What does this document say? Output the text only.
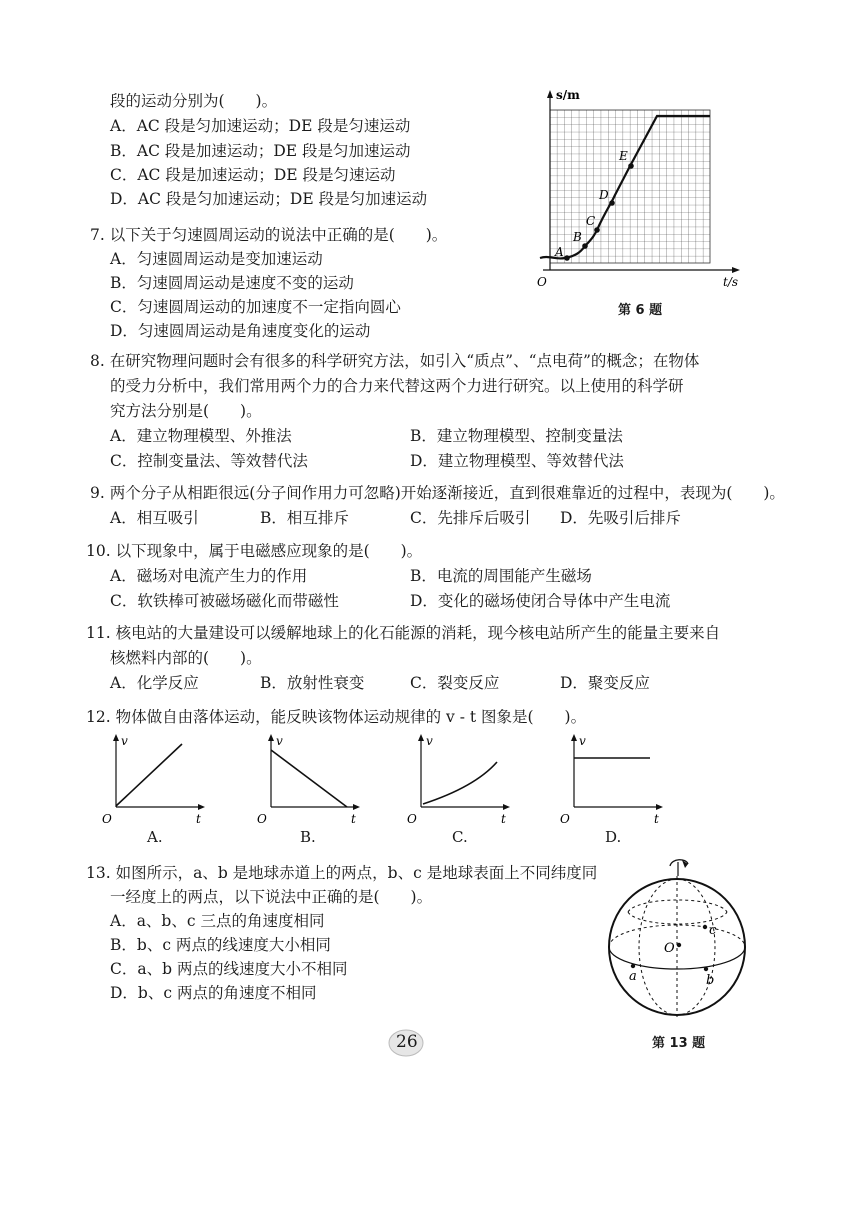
段的运动分别为(　　)。
A．AC 段是匀加速运动；DE 段是匀速运动
B．AC 段是加速运动；DE 段是匀加速运动
C．AC 段是加速运动；DE 段是匀速运动
D．AC 段是匀加速运动；DE 段是匀加速运动
s/m
t/s
O
A
B
C
D
E
第 6 题
7. 以下关于匀速圆周运动的说法中正确的是(　　)。
A．匀速圆周运动是变加速运动
B．匀速圆周运动是速度不变的运动
C．匀速圆周运动的加速度不一定指向圆心
D．匀速圆周运动是角速度变化的运动
8. 在研究物理问题时会有很多的科学研究方法，如引入“质点”、“点电荷”的概念；在物体
的受力分析中，我们常用两个力的合力来代替这两个力进行研究。以上使用的科学研
究方法分别是(　　)。
A．建立物理模型、外推法	B．建立物理模型、控制变量法
C．控制变量法、等效替代法	D．建立物理模型、等效替代法
9. 两个分子从相距很远(分子间作用力可忽略)开始逐渐接近，直到很难靠近的过程中，表现为(　　)。
A．相互吸引	B．相互排斥	C．先排斥后吸引 D．先吸引后排斥
10. 以下现象中，属于电磁感应现象的是(　　)。
A．磁场对电流产生力的作用	B．电流的周围能产生磁场
C．软铁棒可被磁场磁化而带磁性	D．变化的磁场使闭合导体中产生电流
11. 核电站的大量建设可以缓解地球上的化石能源的消耗，现今核电站所产生的能量主要来自
核燃料内部的(　　)。
A．化学反应	B．放射性衰变	C．裂变反应	D．聚变反应
12. 物体做自由落体运动，能反映该物体运动规律的 v - t 图象是(　　)。
v
t
O
A.
v
t
O
B.
v
t
O
C.
v
t
O
D.
13. 如图所示，a、b 是地球赤道上的两点，b、c 是地球表面上不同纬度同
一经度上的两点，以下说法中正确的是(　　)。
A．a、b、c 三点的角速度相同
B．b、c 两点的线速度大小相同
C．a、b 两点的线速度大小不相同
D．b、c 两点的角速度不相同
O
c
b
a
第 13 题
26
